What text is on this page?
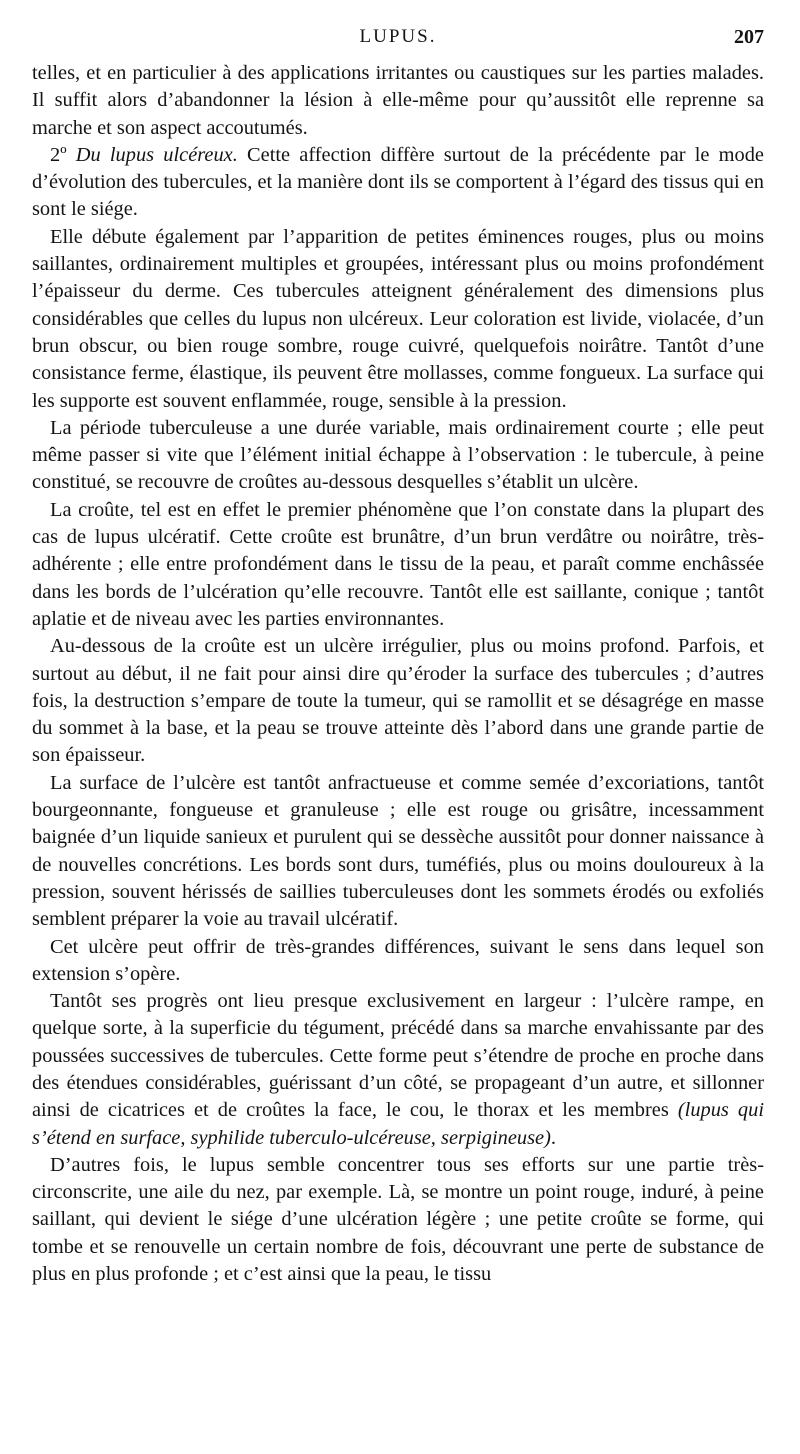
LUPUS.	207

telles, et en particulier à des applications irritantes ou caustiques sur les parties malades. Il suffit alors d’abandonner la lésion à elle-même pour qu’aussitôt elle reprenne sa marche et son aspect accoutumés.

2º Du lupus ulcéreux. Cette affection diffère surtout de la précédente par le mode d’évolution des tubercules, et la manière dont ils se comportent à l’égard des tissus qui en sont le siége.

Elle débute également par l’apparition de petites éminences rouges, plus ou moins saillantes, ordinairement multiples et groupées, intéressant plus ou moins profondément l’épaisseur du derme. Ces tubercules atteignent généralement des dimensions plus considérables que celles du lupus non ulcéreux. Leur coloration est livide, violacée, d’un brun obscur, ou bien rouge sombre, rouge cuivré, quelquefois noirâtre. Tantôt d’une consistance ferme, élastique, ils peuvent être mollasses, comme fongueux. La surface qui les supporte est souvent enflammée, rouge, sensible à la pression.

La période tuberculeuse a une durée variable, mais ordinairement courte ; elle peut même passer si vite que l’élément initial échappe à l’observation : le tubercule, à peine constitué, se recouvre de croûtes au-dessous desquelles s’établit un ulcère.

La croûte, tel est en effet le premier phénomène que l’on constate dans la plupart des cas de lupus ulcératif. Cette croûte est brunâtre, d’un brun verdâtre ou noirâtre, très-adhérente ; elle entre profondément dans le tissu de la peau, et paraît comme enchâssée dans les bords de l’ulcération qu’elle recouvre. Tantôt elle est saillante, conique ; tantôt aplatie et de niveau avec les parties environnantes.

Au-dessous de la croûte est un ulcère irrégulier, plus ou moins profond. Parfois, et surtout au début, il ne fait pour ainsi dire qu’éroder la surface des tubercules ; d’autres fois, la destruction s’empare de toute la tumeur, qui se ramollit et se désagrége en masse du sommet à la base, et la peau se trouve atteinte dès l’abord dans une grande partie de son épaisseur.

La surface de l’ulcère est tantôt anfractueuse et comme semée d’excoriations, tantôt bourgeonnante, fongueuse et granuleuse ; elle est rouge ou grisâtre, incessamment baignée d’un liquide sanieux et purulent qui se dessèche aussitôt pour donner naissance à de nouvelles concrétions. Les bords sont durs, tuméfiés, plus ou moins douloureux à la pression, souvent hérissés de saillies tuberculeuses dont les sommets érodés ou exfoliés semblent préparer la voie au travail ulcératif.

Cet ulcère peut offrir de très-grandes différences, suivant le sens dans lequel son extension s’opère.

Tantôt ses progrès ont lieu presque exclusivement en largeur : l’ulcère rampe, en quelque sorte, à la superficie du tégument, précédé dans sa marche envahissante par des poussées successives de tubercules. Cette forme peut s’étendre de proche en proche dans des étendues considérables, guérissant d’un côté, se propageant d’un autre, et sillonner ainsi de cicatrices et de croûtes la face, le cou, le thorax et les membres (lupus qui s’étend en surface, syphilide tuberculo-ulcéreuse, serpigineuse).

D’autres fois, le lupus semble concentrer tous ses efforts sur une partie très-circonscrite, une aile du nez, par exemple. Là, se montre un point rouge, induré, à peine saillant, qui devient le siége d’une ulcération légère ; une petite croûte se forme, qui tombe et se renouvelle un certain nombre de fois, découvrant une perte de substance de plus en plus profonde ; et c’est ainsi que la peau, le tissu
